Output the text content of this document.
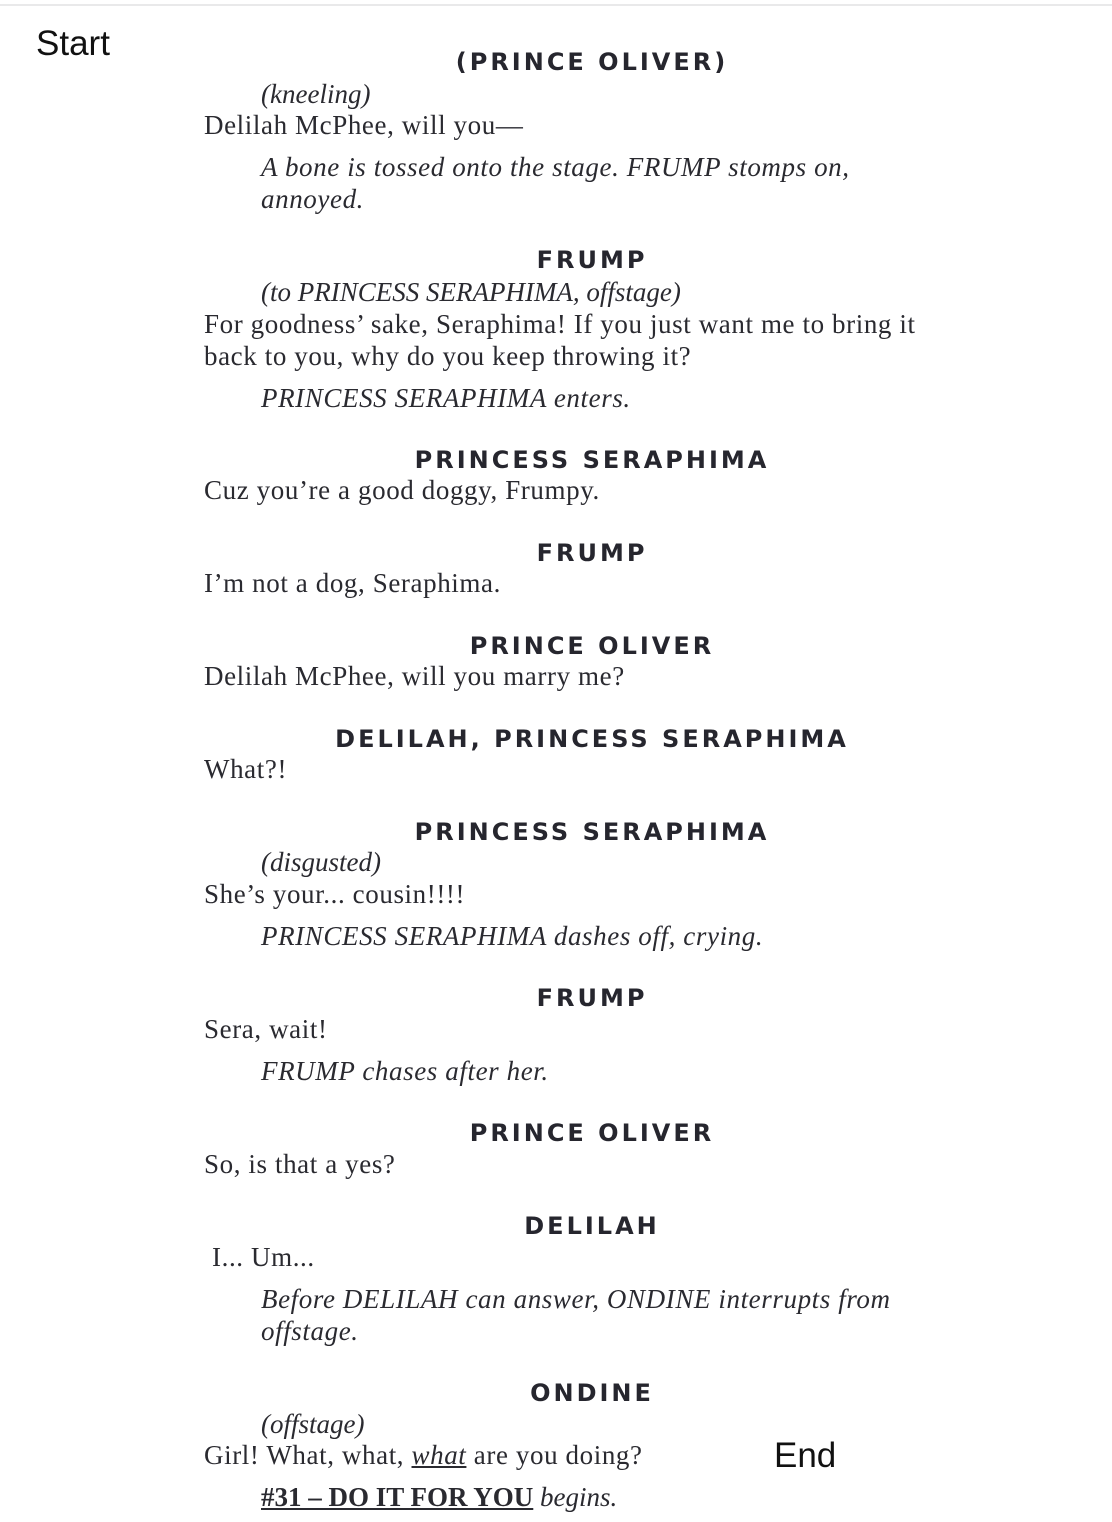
Start
End
(PRINCE OLIVER)
(kneeling)
Delilah McPhee, will you—
A bone is tossed onto the stage. FRUMP stomps on,
annoyed.
FRUMP
(to PRINCESS SERAPHIMA, offstage)
For goodness’ sake, Seraphima! If you just want me to bring it
back to you, why do you keep throwing it?
PRINCESS SERAPHIMA enters.
PRINCESS SERAPHIMA
Cuz you’re a good doggy, Frumpy.
FRUMP
I’m not a dog, Seraphima.
PRINCE OLIVER
Delilah McPhee, will you marry me?
DELILAH, PRINCESS SERAPHIMA
What?!
PRINCESS SERAPHIMA
(disgusted)
She’s your... cousin!!!!
PRINCESS SERAPHIMA dashes off, crying.
FRUMP
Sera, wait!
FRUMP chases after her.
PRINCE OLIVER
So, is that a yes?
DELILAH
I... Um...
Before DELILAH can answer, ONDINE interrupts from
offstage.
ONDINE
(offstage)
Girl! What, what, what are you doing?
#31 – DO IT FOR YOU begins.
